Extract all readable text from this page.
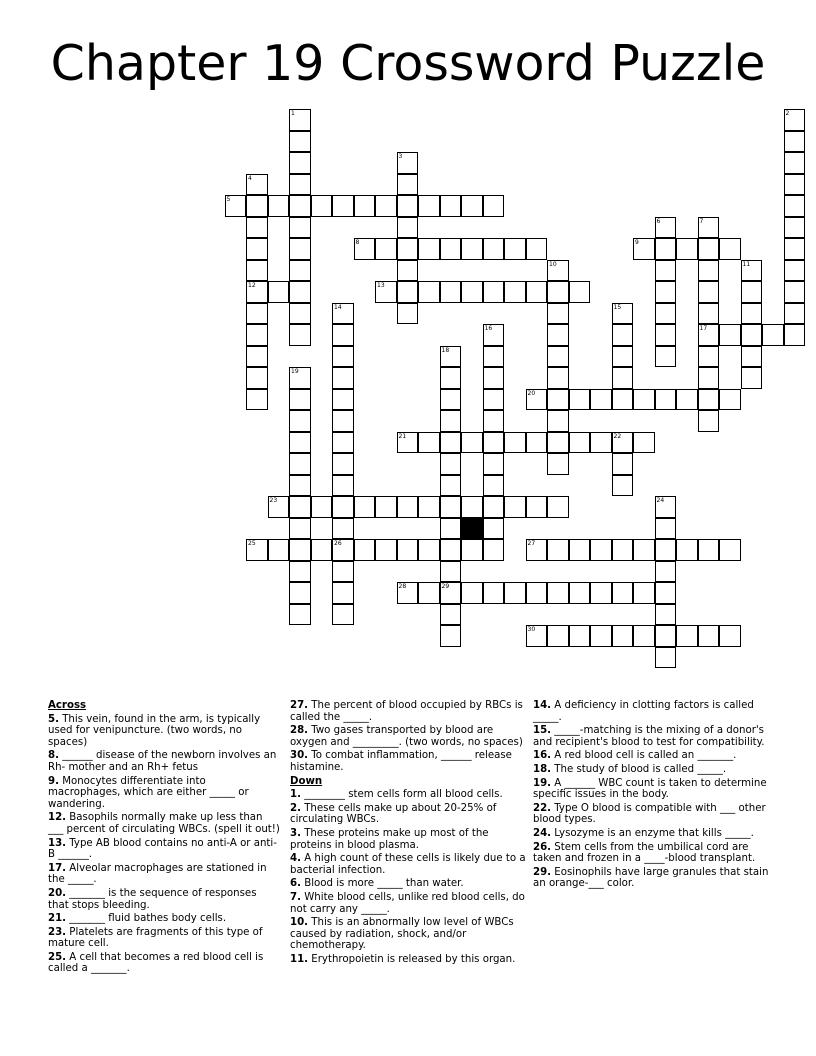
Chapter 19 Crossword Puzzle
1	2
3
4
12
5
6	7
17
8	9
10	11
13
14
26
15
16
18
29
19
20
21	22
23	24
25	27
28
30
Across
5. This vein, found in the arm, is typically used for venipuncture. (two words, no spaces)
8. ______ disease of the newborn involves an Rh- mother and an Rh+ fetus
9. Monocytes differentiate into macrophages, which are either _____ or wandering.
12. Basophils normally make up less than ___ percent of circulating WBCs. (spell it out!)
13. Type AB blood contains no anti-A or anti-B ______.
17. Alveolar macrophages are stationed in the _____.
20. _______ is the sequence of responses that stops bleeding.
21. _______ fluid bathes body cells.
23. Platelets are fragments of this type of mature cell.
25. A cell that becomes a red blood cell is called a _______.
27. The percent of blood occupied by RBCs is called the _____.
28. Two gases transported by blood are oxygen and _________. (two words, no spaces)
30. To combat inflammation, ______ release histamine.
Down
1. ________ stem cells form all blood cells.
2. These cells make up about 20-25% of circulating WBCs.
3. These proteins make up most of the proteins in blood plasma.
4. A high count of these cells is likely due to a bacterial infection.
6. Blood is more _____ than water.
7. White blood cells, unlike red blood cells, do not carry any _____.
10. This is an abnormally low level of WBCs caused by radiation, shock, and/or chemotherapy.
11. Erythropoietin is released by this organ.
14. A deficiency in clotting factors is called _____.
15. _____-matching is the mixing of a donor's and recipient's blood to test for compatibility.
16. A red blood cell is called an _______.
18. The study of blood is called _____.
19. A ______ WBC count is taken to determine specific issues in the body.
22. Type O blood is compatible with ___ other blood types.
24. Lysozyme is an enzyme that kills _____.
26. Stem cells from the umbilical cord are taken and frozen in a ____-blood transplant.
29. Eosinophils have large granules that stain an orange-___ color.
